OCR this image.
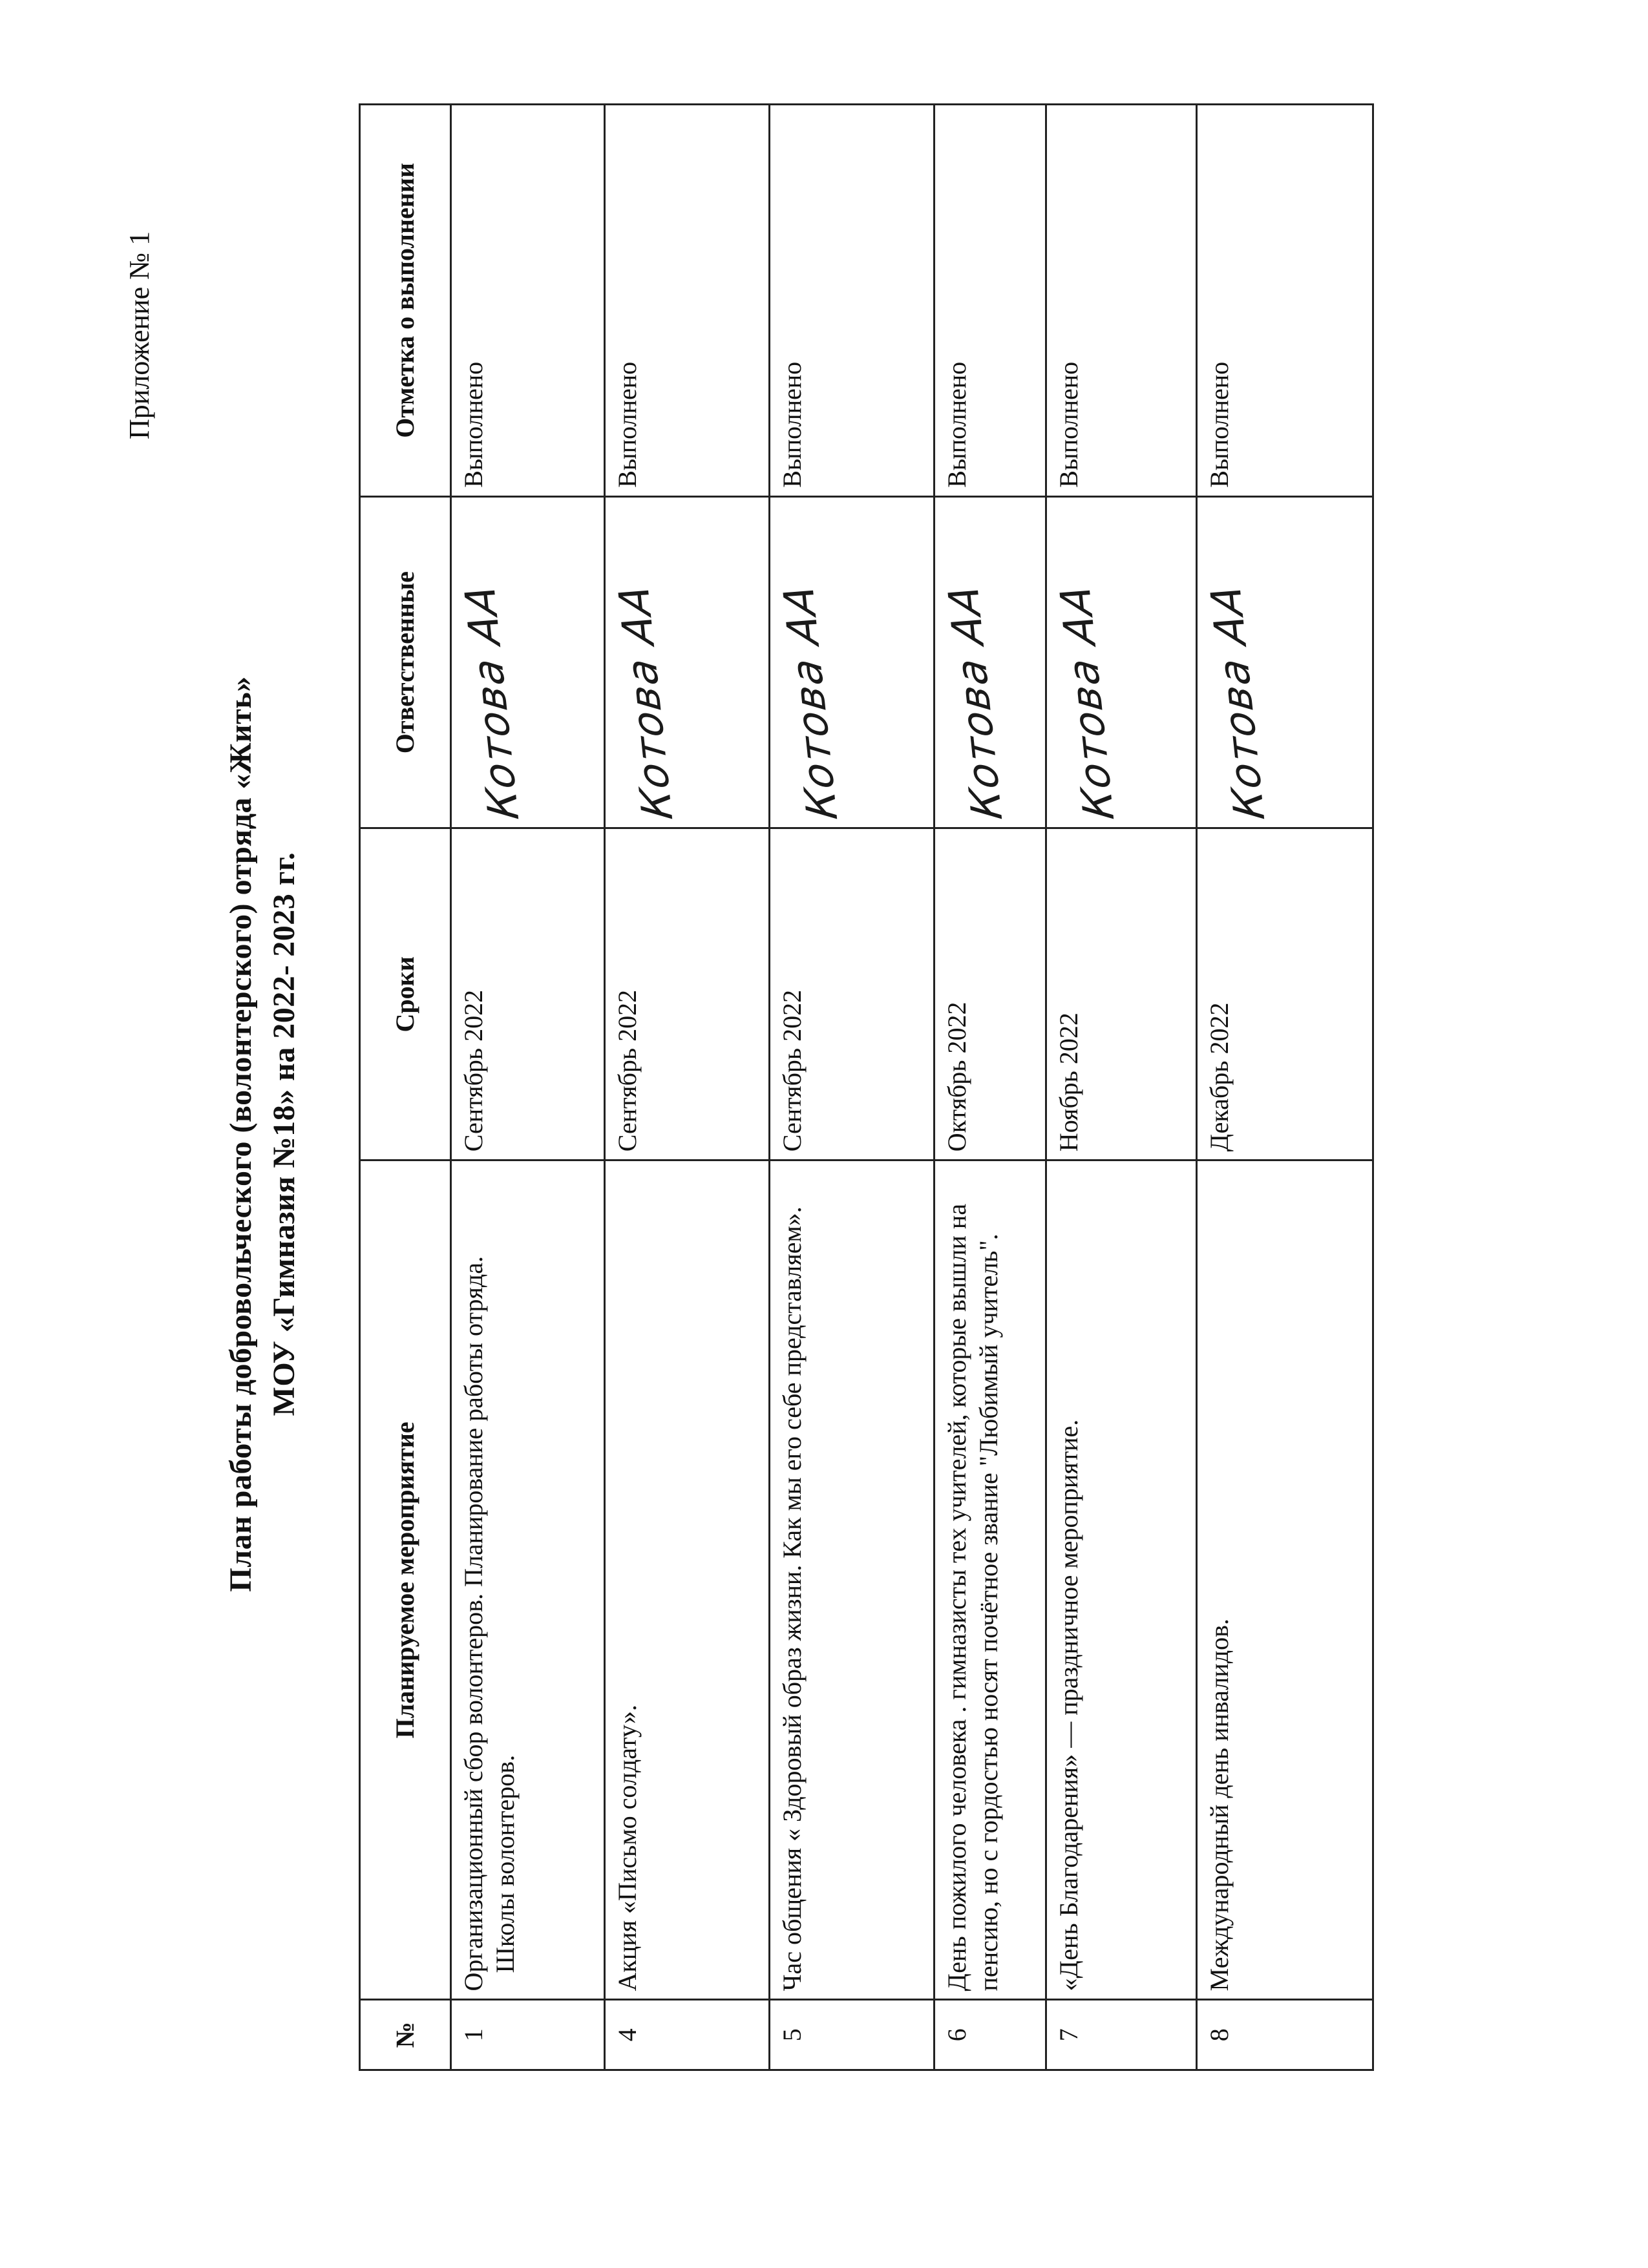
Приложение № 1
План работы добровольческого (волонтерского) отряда «Жить» МОУ «Гимназия №18» на 2022- 2023 гг.
№	Планируемое мероприятие	Сроки	Ответственные	Отметка о выполнении
1	Организационный сбор волонтеров. Планирование работы отряда. Школы волонтеров.	Сентябрь 2022	Котова АА	Выполнено
4	Акция «Письмо солдату».	Сентябрь 2022	Котова АА	Выполнено
5	Час общения « Здоровый образ жизни. Как мы его себе представляем».	Сентябрь 2022	Котова АА	Выполнено
6	День пожилого человека . гимназисты тех учителей, которые вышли на пенсию, но с гордостью носят почётное звание "Любимый учитель".	Октябрь 2022	Котова АА	Выполнено
7	«День Благодарения» — праздничное мероприятие.	Ноябрь 2022	Котова АА	Выполнено
8	Международный день инвалидов.	Декабрь 2022	Котова АА	Выполнено
